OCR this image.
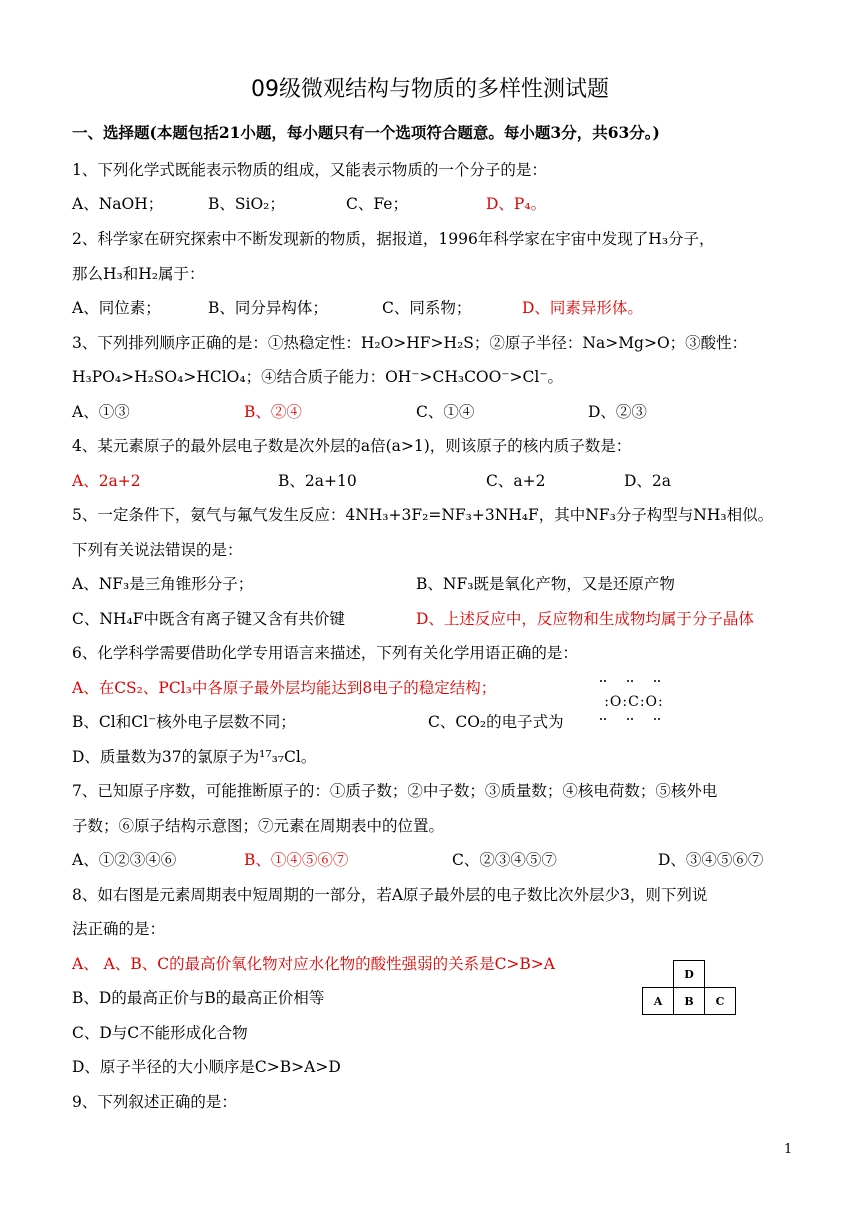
09级微观结构与物质的多样性测试题
一、选择题(本题包括21小题，每小题只有一个选项符合题意。每小题3分，共63分。)
1、下列化学式既能表示物质的组成，又能表示物质的一个分子的是：
A、NaOH；	B、SiO₂；	C、Fe；	D、P₄。
2、科学家在研究探索中不断发现新的物质，据报道，1996年科学家在宇宙中发现了H₃分子，
那么H₃和H₂属于：
A、同位素；	B、同分异构体；	C、同系物；	D、同素异形体。
3、下列排列顺序正确的是：①热稳定性：H₂O>HF>H₂S；②原子半径：Na>Mg>O；③酸性：
H₃PO₄>H₂SO₄>HClO₄；④结合质子能力：OH⁻>CH₃COO⁻>Cl⁻。
A、①③	B、②④	C、①④	D、②③
4、某元素原子的最外层电子数是次外层的a倍(a>1)，则该原子的核内质子数是：
A、2a+2	B、2a+10	C、a+2	D、2a
5、一定条件下，氨气与氟气发生反应：4NH₃+3F₂=NF₃+3NH₄F，其中NF₃分子构型与NH₃相似。
下列有关说法错误的是：
A、NF₃是三角锥形分子；	B、NF₃既是氧化产物，又是还原产物
C、NH₄F中既含有离子键又含有共价键	D、上述反应中，反应物和生成物均属于分子晶体
6、化学科学需要借助化学专用语言来描述，下列有关化学用语正确的是：
A、在CS₂、PCl₃中各原子最外层均能达到8电子的稳定结构；
B、Cl和Cl⁻核外电子层数不同；	C、CO₂的电子式为
:O:C:O:
D、质量数为37的氯原子为¹⁷₃₇Cl。
7、已知原子序数，可能推断原子的：①质子数；②中子数；③质量数；④核电荷数；⑤核外电
子数；⑥原子结构示意图；⑦元素在周期表中的位置。
A、①②③④⑥	B、①④⑤⑥⑦	C、②③④⑤⑦	D、③④⑤⑥⑦
8、如右图是元素周期表中短周期的一部分，若A原子最外层的电子数比次外层少3，则下列说
法正确的是：
A、 A、B、C的最高价氧化物对应水化物的酸性强弱的关系是C>B>A
B、D的最高正价与B的最高正价相等
C、D与C不能形成化合物
D、原子半径的大小顺序是C>B>A>D
D
A	B	C
9、下列叙述正确的是：
1
